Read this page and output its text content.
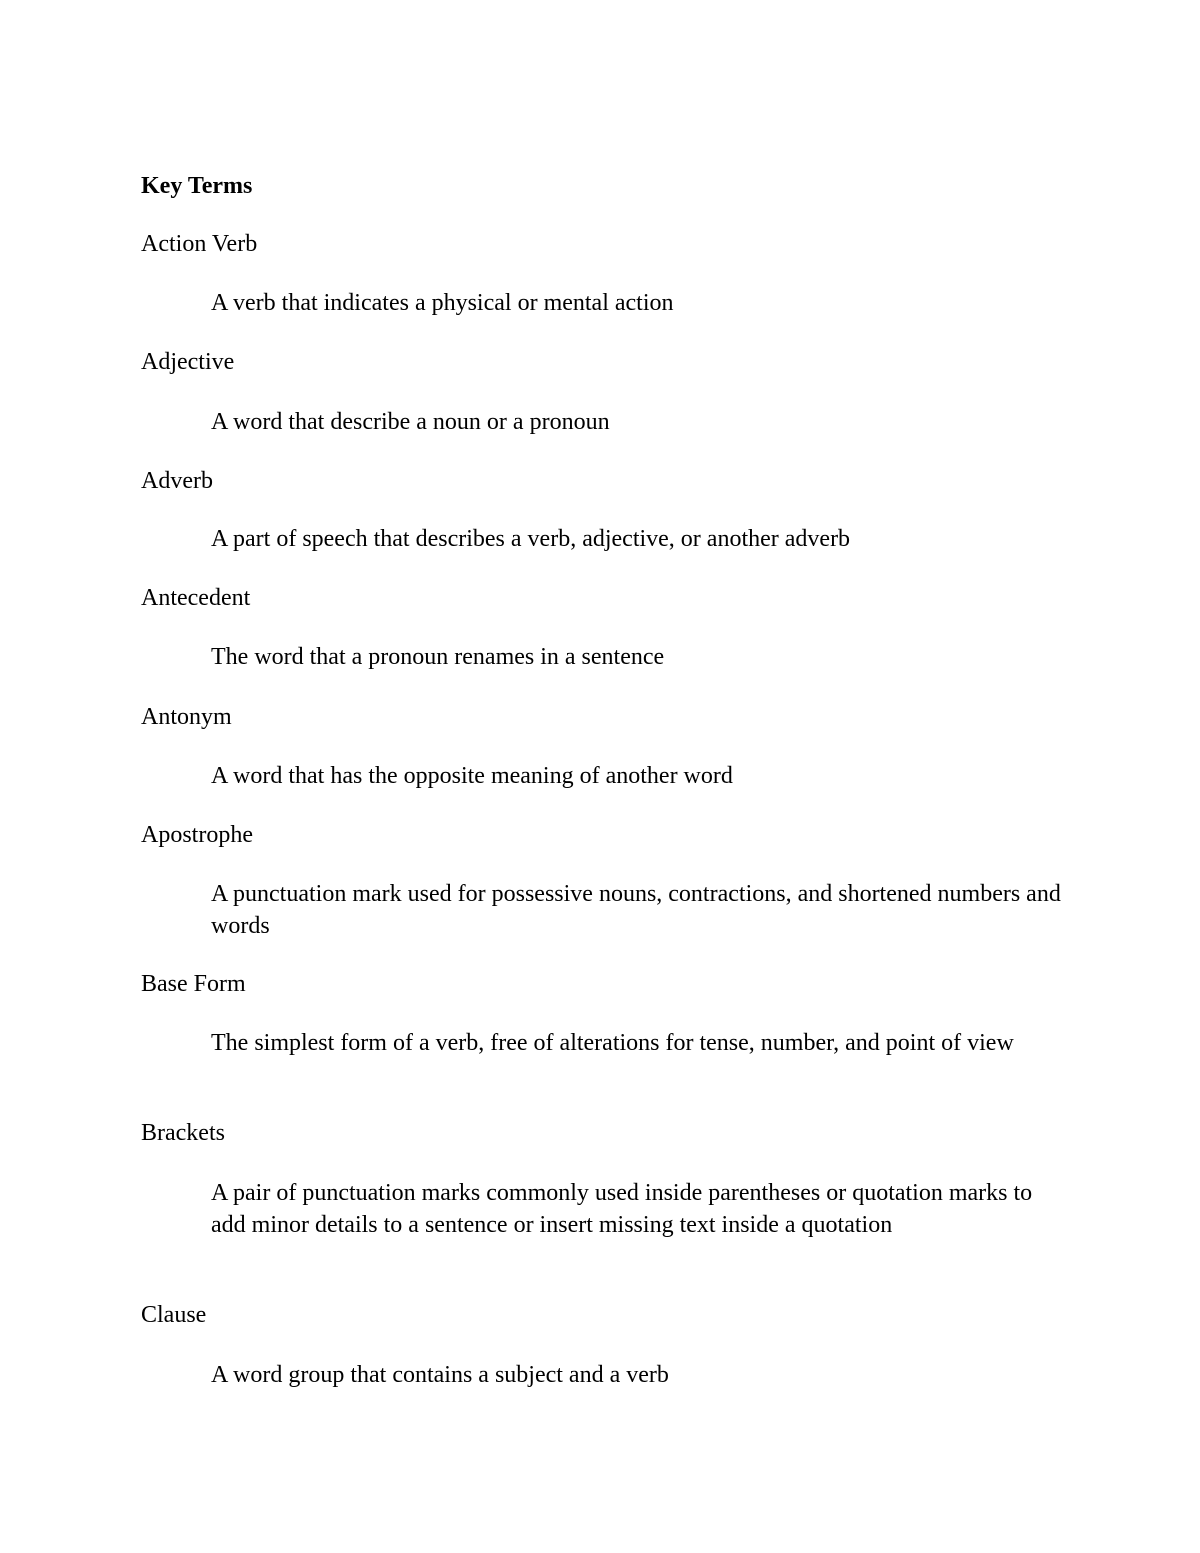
Key Terms
Action Verb
A verb that indicates a physical or mental action
Adjective
A word that describe a noun or a pronoun
Adverb
A part of speech that describes a verb, adjective, or another adverb
Antecedent
The word that a pronoun renames in a sentence
Antonym
A word that has the opposite meaning of another word
Apostrophe
A punctuation mark used for possessive nouns, contractions, and shortened numbers and words
Base Form
The simplest form of a verb, free of alterations for tense, number, and point of view
Brackets
A pair of punctuation marks commonly used inside parentheses or quotation marks to add minor details to a sentence or insert missing text inside a quotation
Clause
A word group that contains a subject and a verb
